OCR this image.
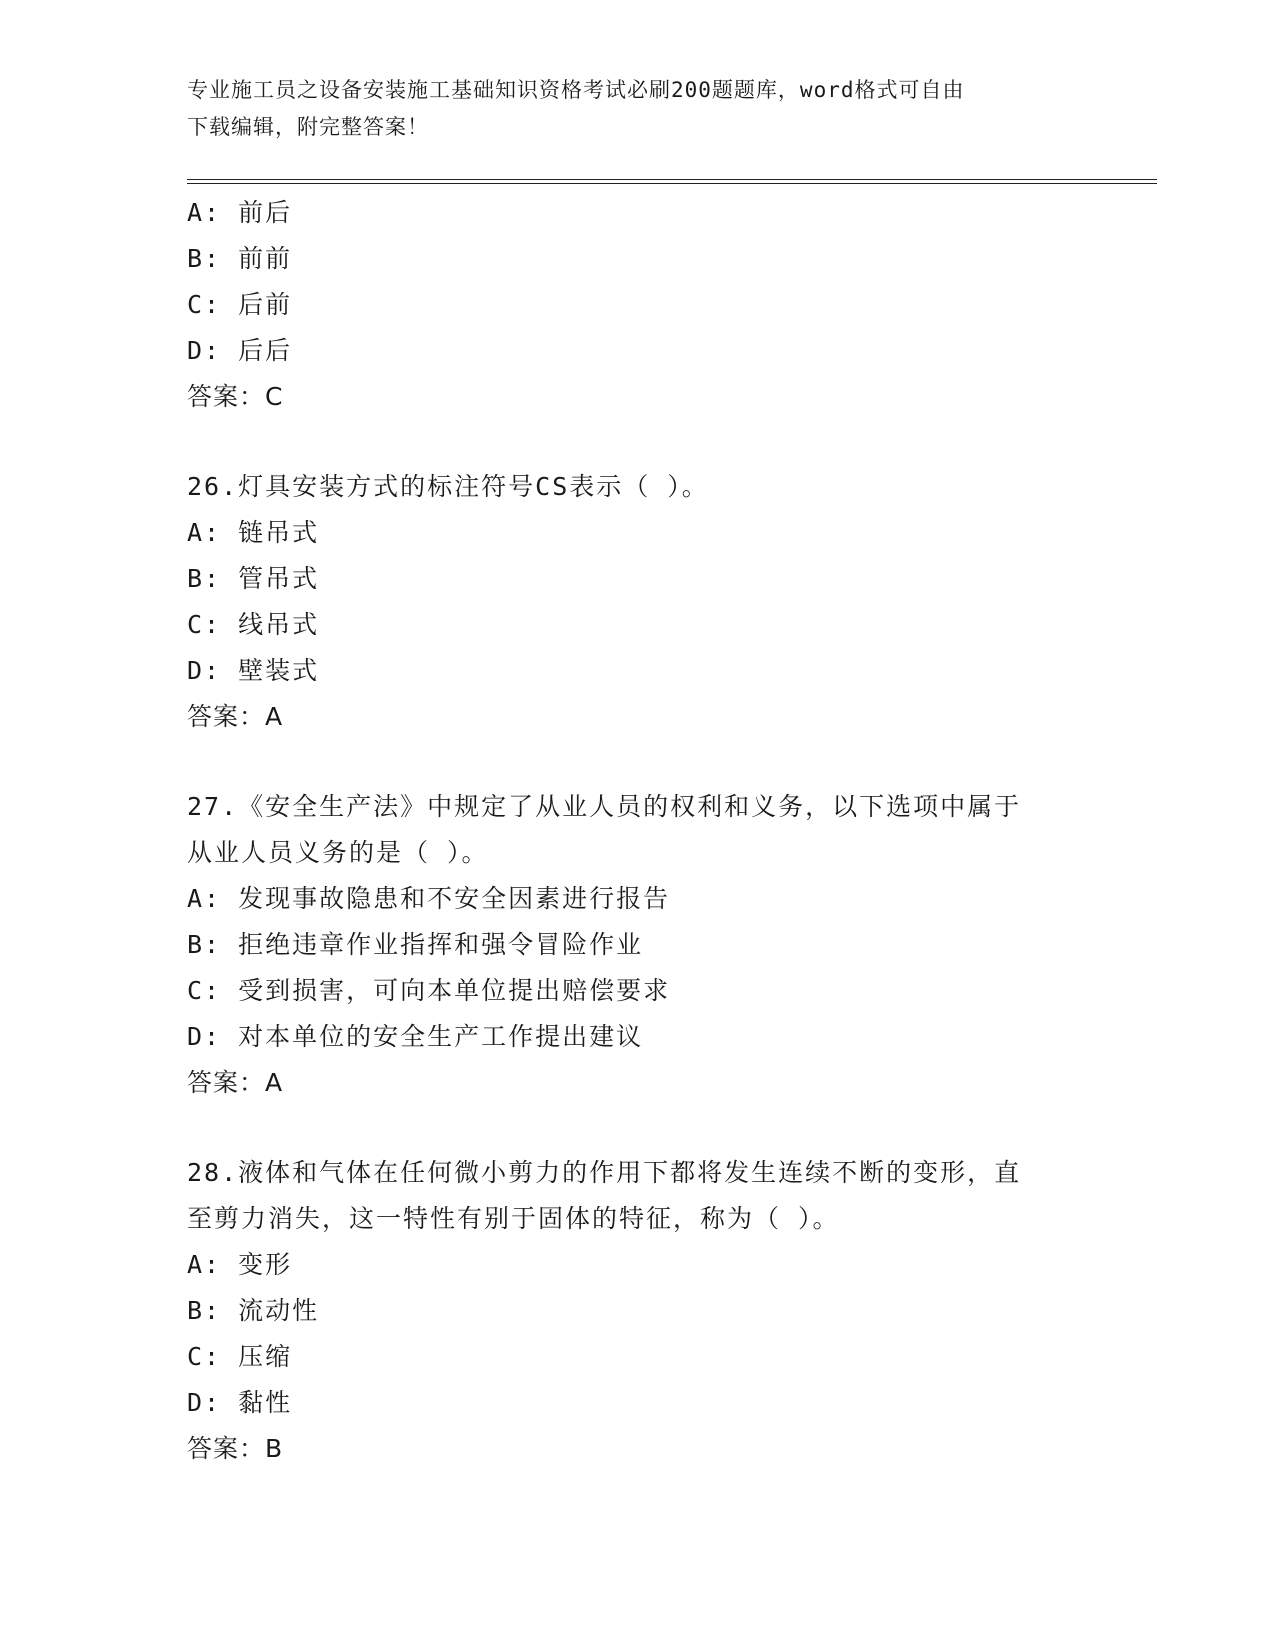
专业施工员之设备安装施工基础知识资格考试必刷200题题库，word格式可自由
下载编辑，附完整答案！
A: 前后
B: 前前
C: 后前
D: 后后
答案：C
26.灯具安装方式的标注符号CS表示（ ）。
A: 链吊式
B: 管吊式
C: 线吊式
D: 壁装式
答案：A
27.《安全生产法》中规定了从业人员的权利和义务，以下选项中属于
从业人员义务的是（ ）。
A: 发现事故隐患和不安全因素进行报告
B: 拒绝违章作业指挥和强令冒险作业
C: 受到损害，可向本单位提出赔偿要求
D: 对本单位的安全生产工作提出建议
答案：A
28.液体和气体在任何微小剪力的作用下都将发生连续不断的变形，直
至剪力消失，这一特性有别于固体的特征，称为（ ）。
A: 变形
B: 流动性
C: 压缩
D: 黏性
答案：B
